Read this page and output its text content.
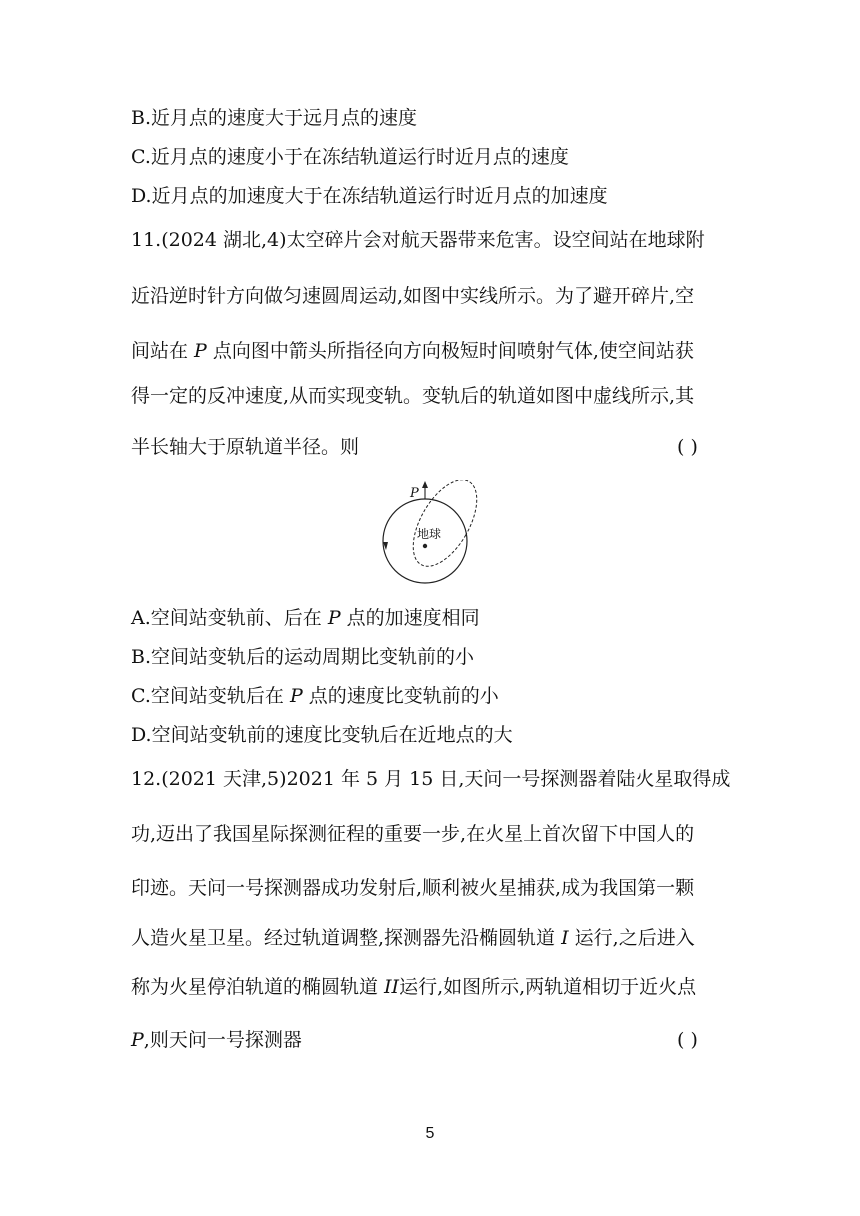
B.近月点的速度大于远月点的速度
C.近月点的速度小于在冻结轨道运行时近月点的速度
D.近月点的加速度大于在冻结轨道运行时近月点的加速度
11.(2024 湖北,4)太空碎片会对航天器带来危害。设空间站在地球附
近沿逆时针方向做匀速圆周运动,如图中实线所示。为了避开碎片,空
间站在 P 点向图中箭头所指径向方向极短时间喷射气体,使空间站获
得一定的反冲速度,从而实现变轨。变轨后的轨道如图中虚线所示,其
半长轴大于原轨道半径。则	( )
P
地球
A.空间站变轨前、后在 P 点的加速度相同
B.空间站变轨后的运动周期比变轨前的小
C.空间站变轨后在 P 点的速度比变轨前的小
D.空间站变轨前的速度比变轨后在近地点的大
12.(2021 天津,5)2021 年 5 月 15 日,天问一号探测器着陆火星取得成
功,迈出了我国星际探测征程的重要一步,在火星上首次留下中国人的
印迹。天问一号探测器成功发射后,顺利被火星捕获,成为我国第一颗
人造火星卫星。经过轨道调整,探测器先沿椭圆轨道 I 运行,之后进入
称为火星停泊轨道的椭圆轨道 II运行,如图所示,两轨道相切于近火点
P,则天问一号探测器	( )
5
